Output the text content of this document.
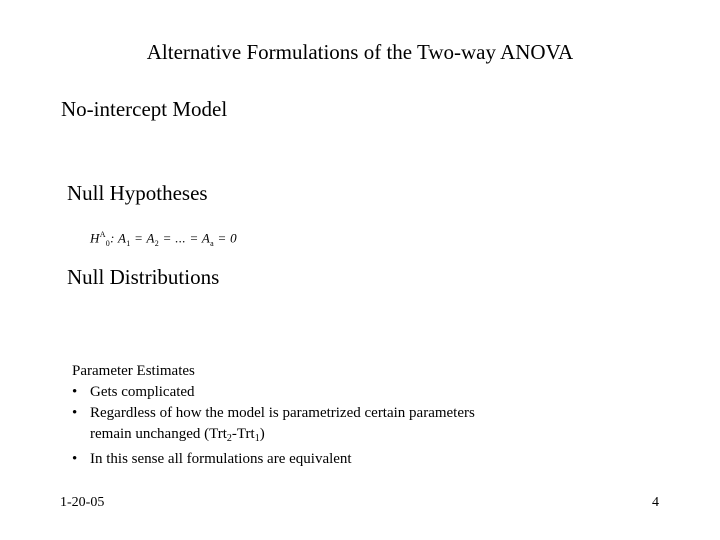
Alternative Formulations of the Two-way ANOVA
No-intercept Model
Null Hypotheses
$H^A_0$: $A_1 = A_2$ = ... = $A_a = 0$
Null Distributions
Parameter Estimates
• Gets complicated
• Regardless of how the model is parametrized certain parameters
remain unchanged (Trt$_2$-Trt$_1$)
• In this sense all formulations are equivalent
1-20-05	4
